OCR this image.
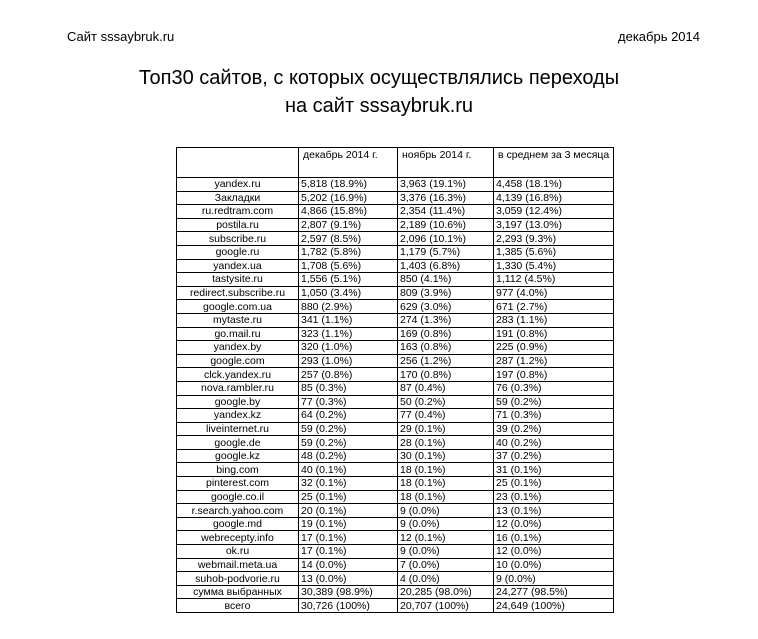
Сайт sssaybruk.ru	декабрь 2014
Топ30 сайтов, с которых осуществлялись переходы
на сайт sssaybruk.ru
	декабрь 2014 г.	ноябрь 2014 г.	в среднем за 3 месяца
yandex.ru	5,818 (18.9%)	3,963 (19.1%)	4,458 (18.1%)
Закладки	5,202 (16.9%)	3,376 (16.3%)	4,139 (16.8%)
ru.redtram.com	4,866 (15.8%)	2,354 (11.4%)	3,059 (12.4%)
postila.ru	2,807 (9.1%)	2,189 (10.6%)	3,197 (13.0%)
subscribe.ru	2,597 (8.5%)	2,096 (10.1%)	2,293 (9.3%)
google.ru	1,782 (5.8%)	1,179 (5.7%)	1,385 (5.6%)
yandex.ua	1,708 (5.6%)	1,403 (6.8%)	1,330 (5.4%)
tastysite.ru	1,556 (5.1%)	850 (4.1%)	1,112 (4.5%)
redirect.subscribe.ru	1,050 (3.4%)	809 (3.9%)	977 (4.0%)
google.com.ua	880 (2.9%)	629 (3.0%)	671 (2.7%)
mytaste.ru	341 (1.1%)	274 (1.3%)	283 (1.1%)
go.mail.ru	323 (1.1%)	169 (0.8%)	191 (0.8%)
yandex.by	320 (1.0%)	163 (0.8%)	225 (0.9%)
google.com	293 (1.0%)	256 (1.2%)	287 (1.2%)
clck.yandex.ru	257 (0.8%)	170 (0.8%)	197 (0.8%)
nova.rambler.ru	85 (0.3%)	87 (0.4%)	76 (0.3%)
google.by	77 (0.3%)	50 (0.2%)	59 (0.2%)
yandex.kz	64 (0.2%)	77 (0.4%)	71 (0.3%)
liveinternet.ru	59 (0.2%)	29 (0.1%)	39 (0.2%)
google.de	59 (0.2%)	28 (0.1%)	40 (0.2%)
google.kz	48 (0.2%)	30 (0.1%)	37 (0.2%)
bing.com	40 (0.1%)	18 (0.1%)	31 (0.1%)
pinterest.com	32 (0.1%)	18 (0.1%)	25 (0.1%)
google.co.il	25 (0.1%)	18 (0.1%)	23 (0.1%)
r.search.yahoo.com	20 (0.1%)	9 (0.0%)	13 (0.1%)
google.md	19 (0.1%)	9 (0.0%)	12 (0.0%)
webrecepty.info	17 (0.1%)	12 (0.1%)	16 (0.1%)
ok.ru	17 (0.1%)	9 (0.0%)	12 (0.0%)
webmail.meta.ua	14 (0.0%)	7 (0.0%)	10 (0.0%)
suhob-podvorie.ru	13 (0.0%)	4 (0.0%)	9 (0.0%)
сумма выбранных	30,389 (98.9%)	20,285 (98.0%)	24,277 (98.5%)
всего	30,726 (100%)	20,707 (100%)	24,649 (100%)
